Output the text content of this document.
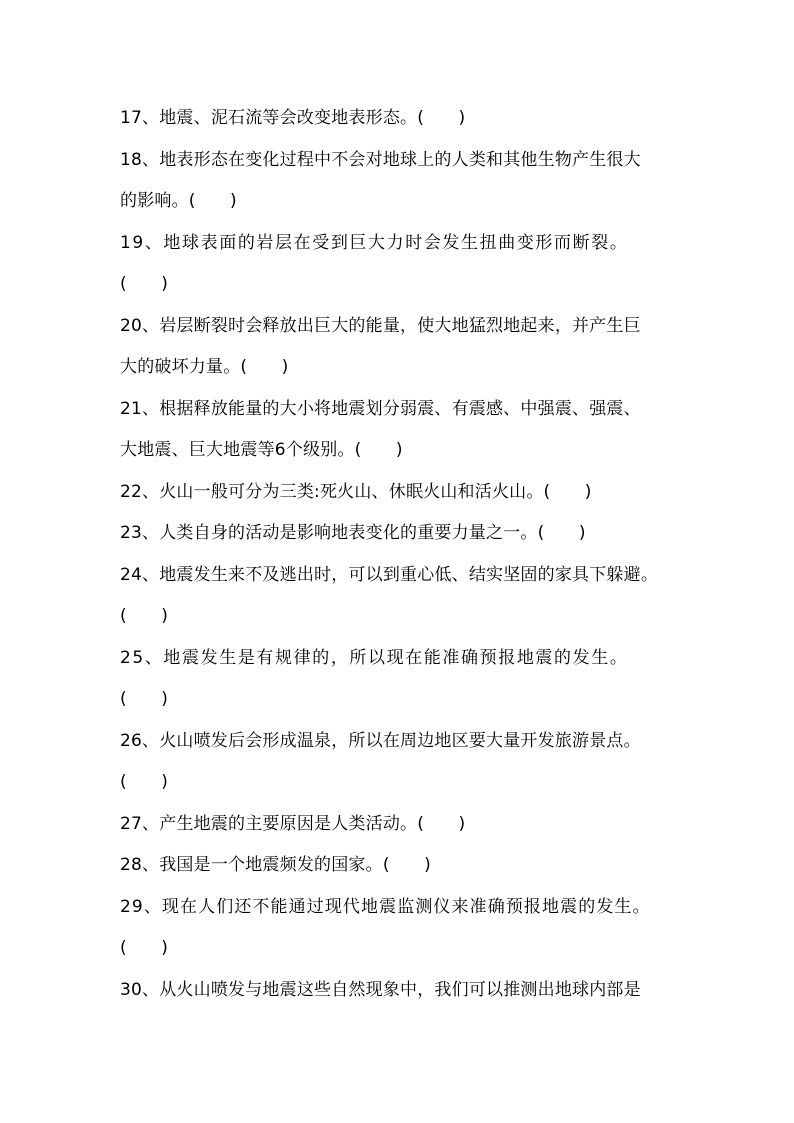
17、地震、泥石流等会改变地表形态。(　　)
18、地表形态在变化过程中不会对地球上的人类和其他生物产生很大
的影响。(　　)
19、地球表面的岩层在受到巨大力时会发生扭曲变形而断裂。
(　　)
20、岩层断裂时会释放出巨大的能量，使大地猛烈地起来，并产生巨
大的破坏力量。(　　)
21、根据释放能量的大小将地震划分弱震、有震感、中强震、强震、
大地震、巨大地震等6个级别。(　　)
22、火山一般可分为三类:死火山、休眠火山和活火山。(　　)
23、人类自身的活动是影响地表变化的重要力量之一。(　　)
24、地震发生来不及逃出时，可以到重心低、结实坚固的家具下躲避。
(　　)
25、地震发生是有规律的，所以现在能准确预报地震的发生。
(　　)
26、火山喷发后会形成温泉，所以在周边地区要大量开发旅游景点。
(　　)
27、产生地震的主要原因是人类活动。(　　)
28、我国是一个地震频发的国家。(　　)
29、现在人们还不能通过现代地震监测仪来准确预报地震的发生。
(　　)
30、从火山喷发与地震这些自然现象中，我们可以推测出地球内部是
